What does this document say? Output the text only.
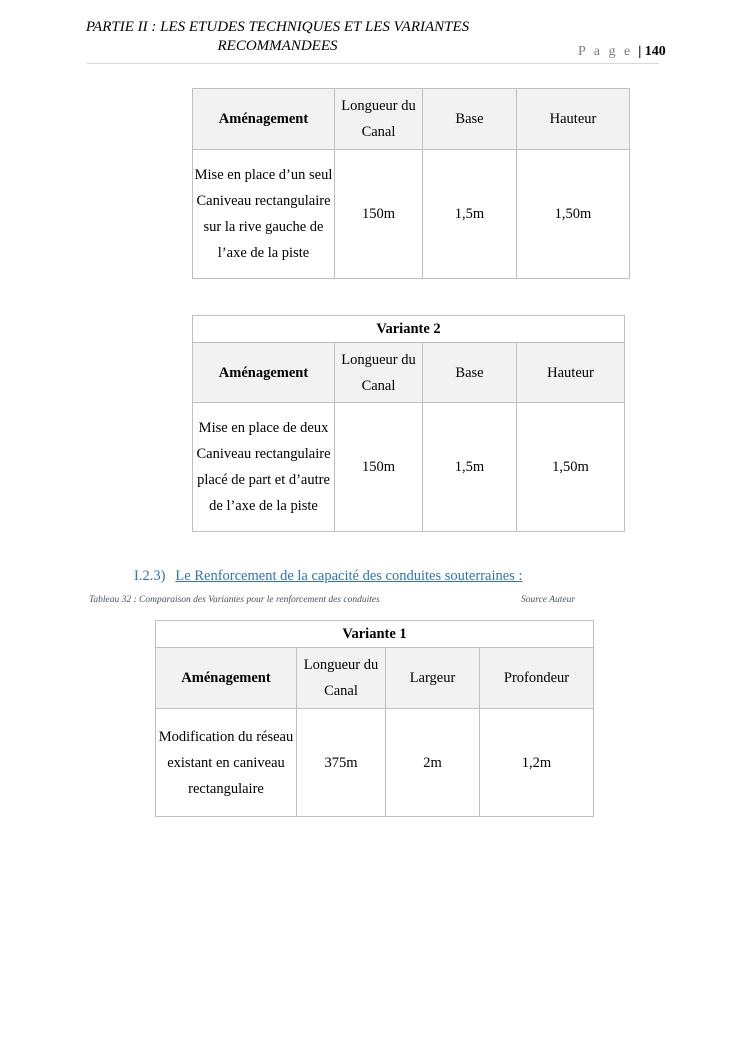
PARTIE II : LES ETUDES TECHNIQUES ET LES VARIANTES RECOMMANDEES	P a g e | 140
Aménagement	Longueur du Canal	Base	Hauteur
Mise en place d’un seul Caniveau rectangulaire sur la rive gauche de l’axe de la piste	150m	1,5m	1,50m
Variante 2			
Aménagement	Longueur du Canal	Base	Hauteur
Mise en place de deux Caniveau rectangulaire placé de part et d’autre de l’axe de la piste	150m	1,5m	1,50m
I.2.3) Le Renforcement de la capacité des conduites souterraines :
Tableau 32 : Comparaison des Variantes pour le renforcement des conduites	Source Auteur
Variante 1			
Aménagement	Longueur du Canal	Largeur	Profondeur
Modification du réseau existant en caniveau rectangulaire	375m	2m	1,2m
